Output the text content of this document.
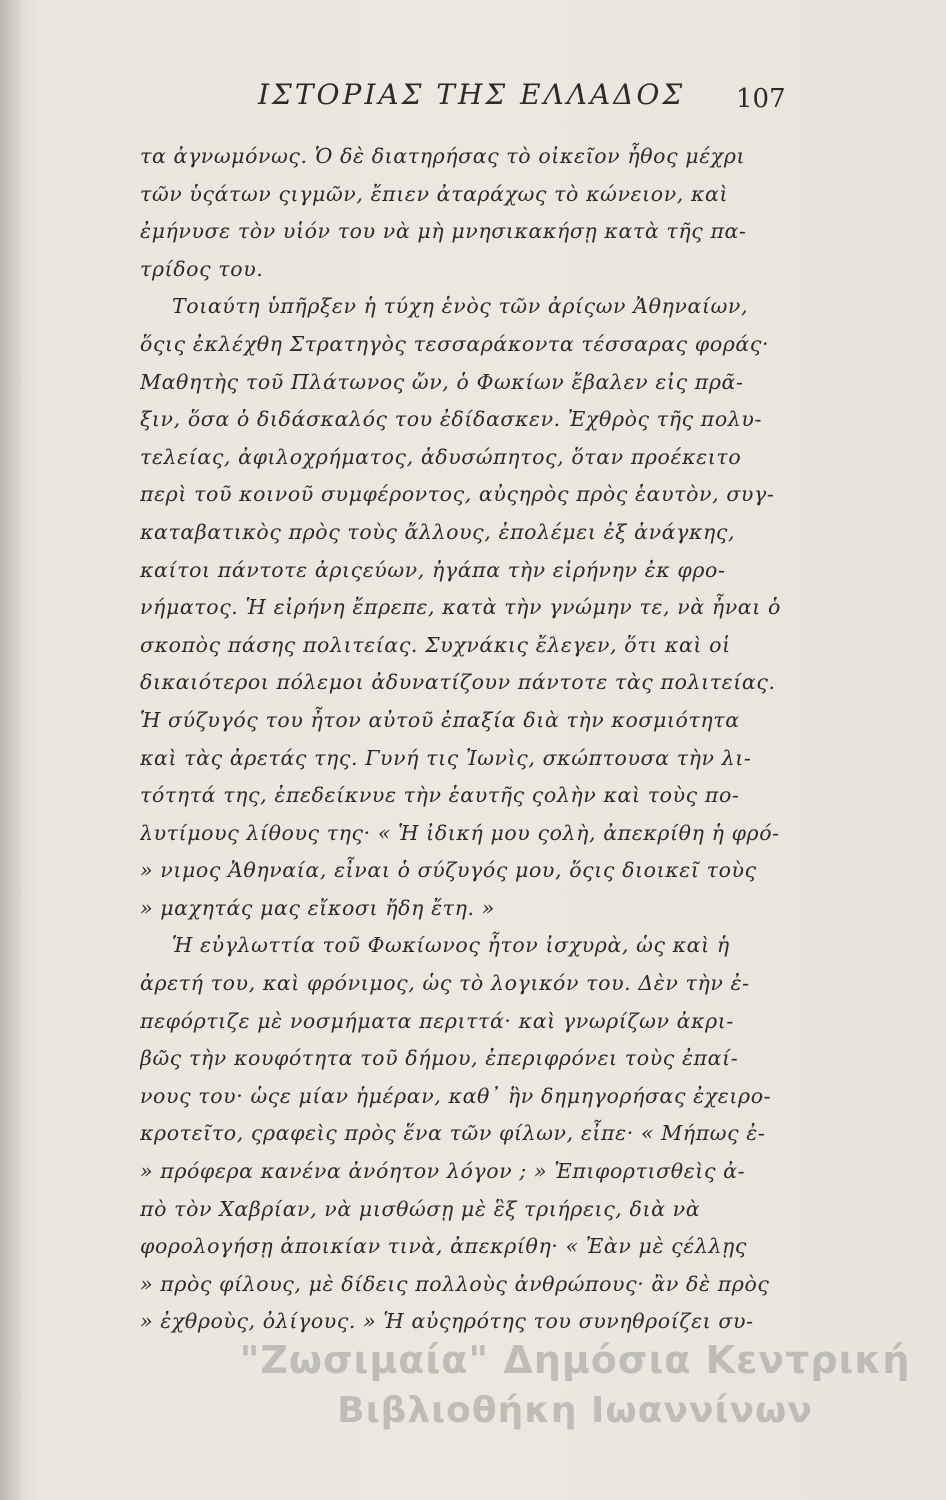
ΙΣΤΟΡΙΑΣ ΤΗΣ ΕΛΛΑΔΟΣ 107
τα ἀγνωμόνως. Ὁ δὲ διατηρήσας τὸ οἰκεῖον ἦθος μέχρι
τῶν ὑςάτων ςιγμῶν, ἔπιεν ἀταράχως τὸ κώνειον, καὶ
ἐμήνυσε τὸν υἱόν του νὰ μὴ μνησικακήσῃ κατὰ τῆς πα-
τρίδος του.
Τοιαύτη ὑπῆρξεν ἡ τύχη ἑνὸς τῶν ἀρίςων Ἀθηναίων,
ὅςις ἐκλέχθη Στρατηγὸς τεσσαράκοντα τέσσαρας φοράς·
Μαθητὴς τοῦ Πλάτωνος ὤν, ὁ Φωκίων ἔβαλεν εἰς πρᾶ-
ξιν, ὅσα ὁ διδάσκαλός του ἐδίδασκεν. Ἐχθρὸς τῆς πολυ-
τελείας, ἀφιλοχρήματος, ἀδυσώπητος, ὅταν προέκειτο
περὶ τοῦ κοινοῦ συμφέροντος, αὐςηρὸς πρὸς ἑαυτὸν, συγ-
καταβατικὸς πρὸς τοὺς ἄλλους, ἐπολέμει ἐξ ἀνάγκης,
καίτοι πάντοτε ἀριςεύων, ἠγάπα τὴν εἰρήνην ἐκ φρο-
νήματος. Ἡ εἰρήνη ἔπρεπε, κατὰ τὴν γνώμην τε, νὰ ἦναι ὁ
σκοπὸς πάσης πολιτείας. Συχνάκις ἔλεγεν, ὅτι καὶ οἱ
δικαιότεροι πόλεμοι ἀδυνατίζουν πάντοτε τὰς πολιτείας.
Ἡ σύζυγός του ἦτον αὐτοῦ ἐπαξία διὰ τὴν κοσμιότητα
καὶ τὰς ἀρετάς της. Γυνή τις Ἰωνὶς, σκώπτουσα τὴν λι-
τότητά της, ἐπεδείκνυε τὴν ἑαυτῆς ςολὴν καὶ τοὺς πο-
λυτίμους λίθους της· « Ἡ ἰδική μου ςολὴ, ἀπεκρίθη ἡ φρό-
» νιμος Ἀθηναία, εἶναι ὁ σύζυγός μου, ὅςις διοικεῖ τοὺς
» μαχητάς μας εἴκοσι ἤδη ἔτη. »
Ἡ εὐγλωττία τοῦ Φωκίωνος ἦτον ἰσχυρὰ, ὡς καὶ ἡ
ἀρετή του, καὶ φρόνιμος, ὡς τὸ λογικόν του. Δὲν τὴν ἐ-
πεφόρτιζε μὲ νοσμήματα περιττά· καὶ γνωρίζων ἀκρι-
βῶς τὴν κουφότητα τοῦ δήμου, ἐπεριφρόνει τοὺς ἐπαί-
νους του· ὡςε μίαν ἡμέραν, καθ᾽ ἣν δημηγορήσας ἐχειρο-
κροτεῖτο, ςραφεὶς πρὸς ἕνα τῶν φίλων, εἶπε· « Μήπως ἐ-
» πρόφερα κανένα ἀνόητον λόγον ; » Ἐπιφορτισθεὶς ἀ-
πὸ τὸν Χαβρίαν, νὰ μισθώσῃ μὲ ἓξ τριήρεις, διὰ νὰ
φορολογήσῃ ἀποικίαν τινὰ, ἀπεκρίθη· « Ἐὰν μὲ ςέλλῃς
» πρὸς φίλους, μὲ δίδεις πολλοὺς ἀνθρώπους· ἂν δὲ πρὸς
» ἐχθροὺς, ὀλίγους. » Ἡ αὐςηρότης του συνηθροίζει συ-
"Ζωσιμαία" Δημόσια Κεντρική
Βιβλιοθήκη Ιωαννίνων
